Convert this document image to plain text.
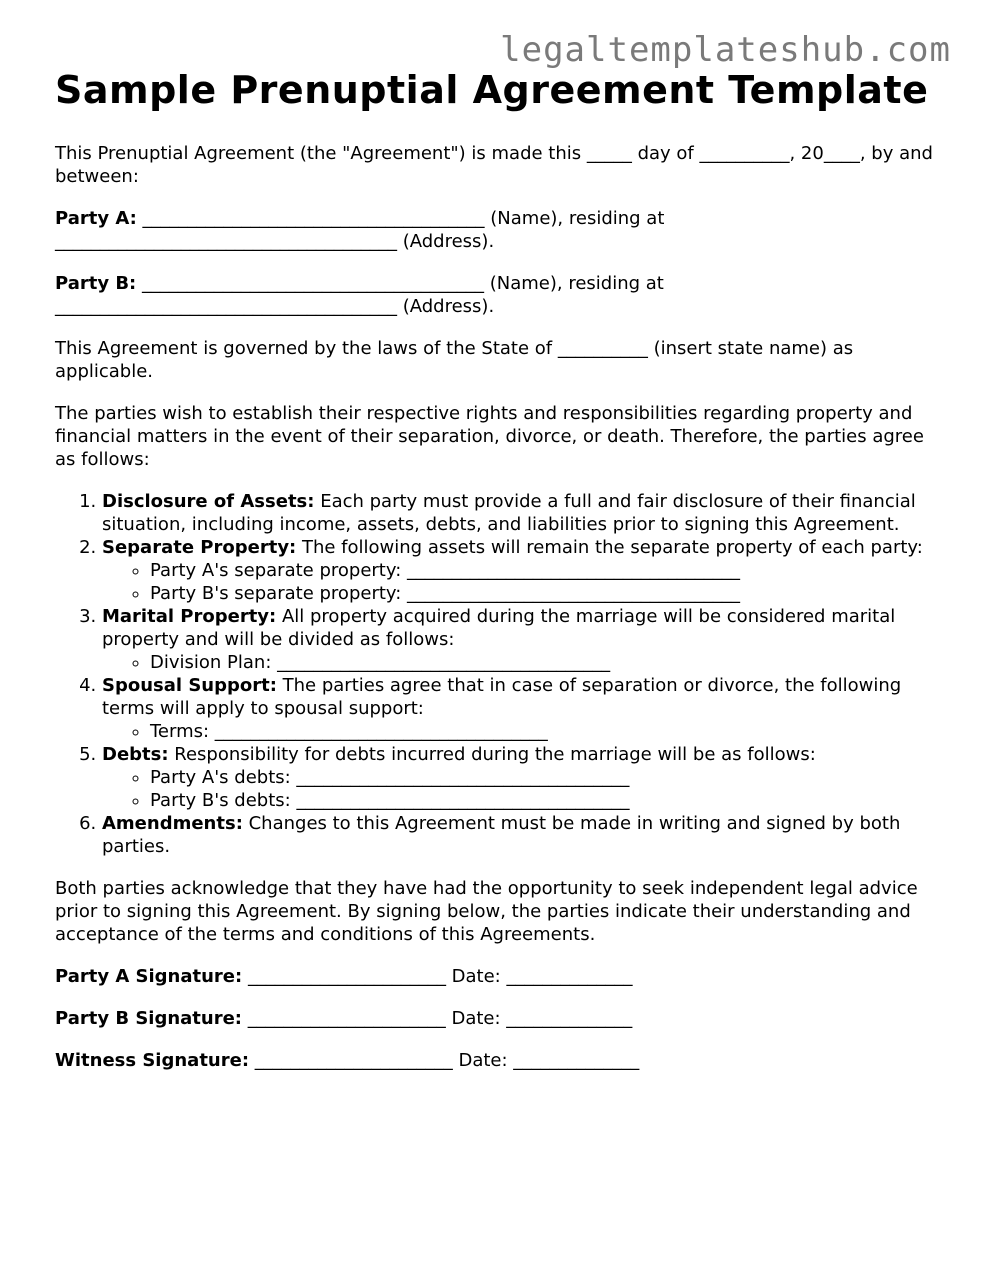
legaltemplateshub.com
Sample Prenuptial Agreement Template

This Prenuptial Agreement (the "Agreement") is made this _____ day of __________, 20____, by and between:

Party A: ______________________________________ (Name), residing at
______________________________________ (Address).
Party B: ______________________________________ (Name), residing at
______________________________________ (Address).

This Agreement is governed by the laws of the State of __________ (insert state name) as applicable.

The parties wish to establish their respective rights and responsibilities regarding property and financial matters in the event of their separation, divorce, or death. Therefore, the parties agree as follows:

1. Disclosure of Assets: Each party must provide a full and fair disclosure of their financial situation, including income, assets, debts, and liabilities prior to signing this Agreement.
2. Separate Property: The following assets will remain the separate property of each party:
◦ Party A's separate property: _____________________________________
◦ Party B's separate property: _____________________________________
3. Marital Property: All property acquired during the marriage will be considered marital property and will be divided as follows:
◦ Division Plan: _____________________________________
4. Spousal Support: The parties agree that in case of separation or divorce, the following terms will apply to spousal support:
◦ Terms: _____________________________________
5. Debts: Responsibility for debts incurred during the marriage will be as follows:
◦ Party A's debts: _____________________________________
◦ Party B's debts: _____________________________________
6. Amendments: Changes to this Agreement must be made in writing and signed by both parties.

Both parties acknowledge that they have had the opportunity to seek independent legal advice prior to signing this Agreement. By signing below, the parties indicate their understanding and acceptance of the terms and conditions of this Agreements.

Party A Signature: ______________________ Date: ______________
Party B Signature: ______________________ Date: ______________
Witness Signature: ______________________ Date: ______________
